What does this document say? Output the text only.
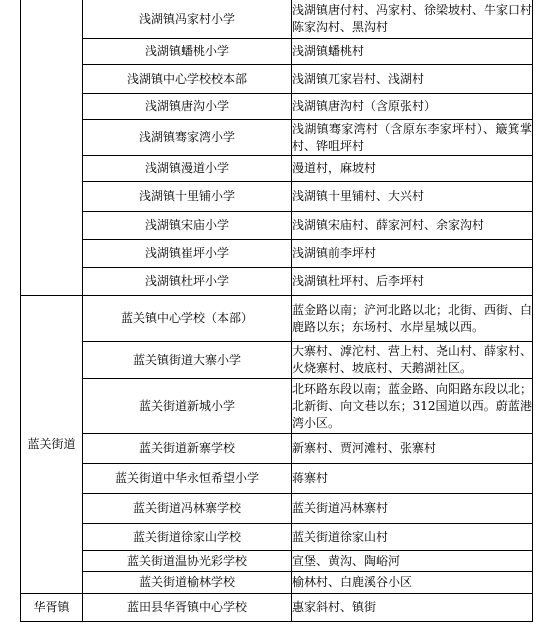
	浅湖镇冯家村小学	浅湖镇唐付村、冯家村、徐梁坡村、牛家口村陈家沟村、黑沟村
	浅湖镇蟠桃小学	浅湖镇蟠桃村
	浅湖镇中心学校校本部	浅湖镇兀家岩村、浅湖村
	浅湖镇唐沟小学	浅湖镇唐沟村（含原张村）
	浅湖镇骞家湾小学	浅湖镇骞家湾村（含原东李家坪村）、簸箕掌村、铧咀坪村
	浅湖镇漫道小学	漫道村，麻坡村
	浅湖镇十里铺小学	浅湖镇十里铺村、大兴村
	浅湖镇宋庙小学	浅湖镇宋庙村、薛家河村、余家沟村
	浅湖镇崔坪小学	浅湖镇前李坪村
	浅湖镇杜坪小学	浅湖镇杜坪村、后李坪村
蓝关街道	蓝关镇中心学校（本部）	蓝金路以南；浐河北路以北；北街、西街、白鹿路以东；东场村、水岸星城以西。
	蓝关镇街道大寨小学	大寨村、滹沱村、营上村、尧山村、薛家村、火烧寨村、坡底村、天鹅湖社区。
	蓝关街道新城小学	北环路东段以南；蓝金路、向阳路东段以北；北新街、向文巷以东；312国道以西。蔚蓝港湾小区。
	蓝关街道新寨学校	新寨村、贾河滩村、张寨村
	蓝关街道中华永恒希望小学	蒋寨村
	蓝关街道冯林寨学校	蓝关街道冯林寨村
	蓝关街道徐家山学校	蓝关街道徐家山村
	蓝关街道温协光彩学校	宣堡、黄沟、陶峪河
	蓝关街道榆林学校	榆林村、白鹿溪谷小区
华胥镇	蓝田县华胥镇中心学校	惠家斜村、镇街
